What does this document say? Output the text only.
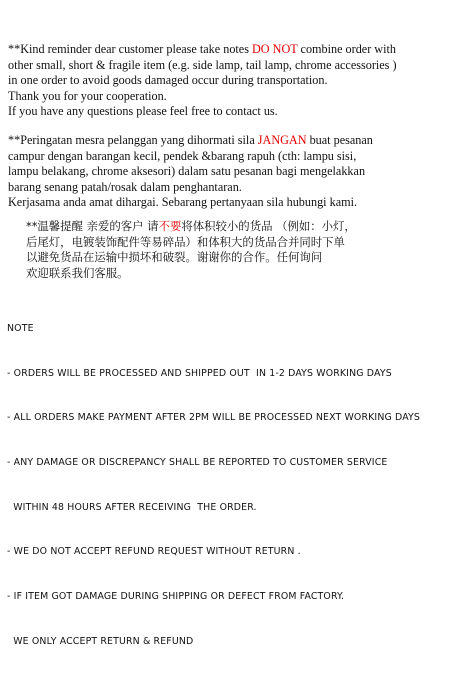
**Kind reminder dear customer please take notes DO NOT combine order with
other small, short & fragile item (e.g. side lamp, tail lamp, chrome accessories )
in one order to avoid goods damaged occur during transportation.
Thank you for your cooperation.
If you have any questions please feel free to contact us.
**Peringatan mesra pelanggan yang dihormati sila JANGAN buat pesanan
campur dengan barangan kecil, pendek &barang rapuh (cth: lampu sisi,
lampu belakang, chrome aksesori) dalam satu pesanan bagi mengelakkan
barang senang patah/rosak dalam penghantaran.
Kerjasama anda amat dihargai. Sebarang pertanyaan sila hubungi kami.
**温馨提醒 亲爱的客户 请不要将体积较小的货品 （例如：小灯，
后尾灯，电镀装饰配件等易碎品）和体积大的货品合并同时下单
以避免货品在运输中损坏和破裂。谢谢你的合作。任何询问
欢迎联系我们客服。

NOTE

- ORDERS WILL BE PROCESSED AND SHIPPED OUT  IN 1-2 DAYS WORKING DAYS

- ALL ORDERS MAKE PAYMENT AFTER 2PM WILL BE PROCESSED NEXT WORKING DAYS

- ANY DAMAGE OR DISCREPANCY SHALL BE REPORTED TO CUSTOMER SERVICE

WITHIN 48 HOURS AFTER RECEIVING  THE ORDER.

- WE DO NOT ACCEPT REFUND REQUEST WITHOUT RETURN .

- IF ITEM GOT DAMAGE DURING SHIPPING OR DEFECT FROM FACTORY.

WE ONLY ACCEPT RETURN & REFUND
